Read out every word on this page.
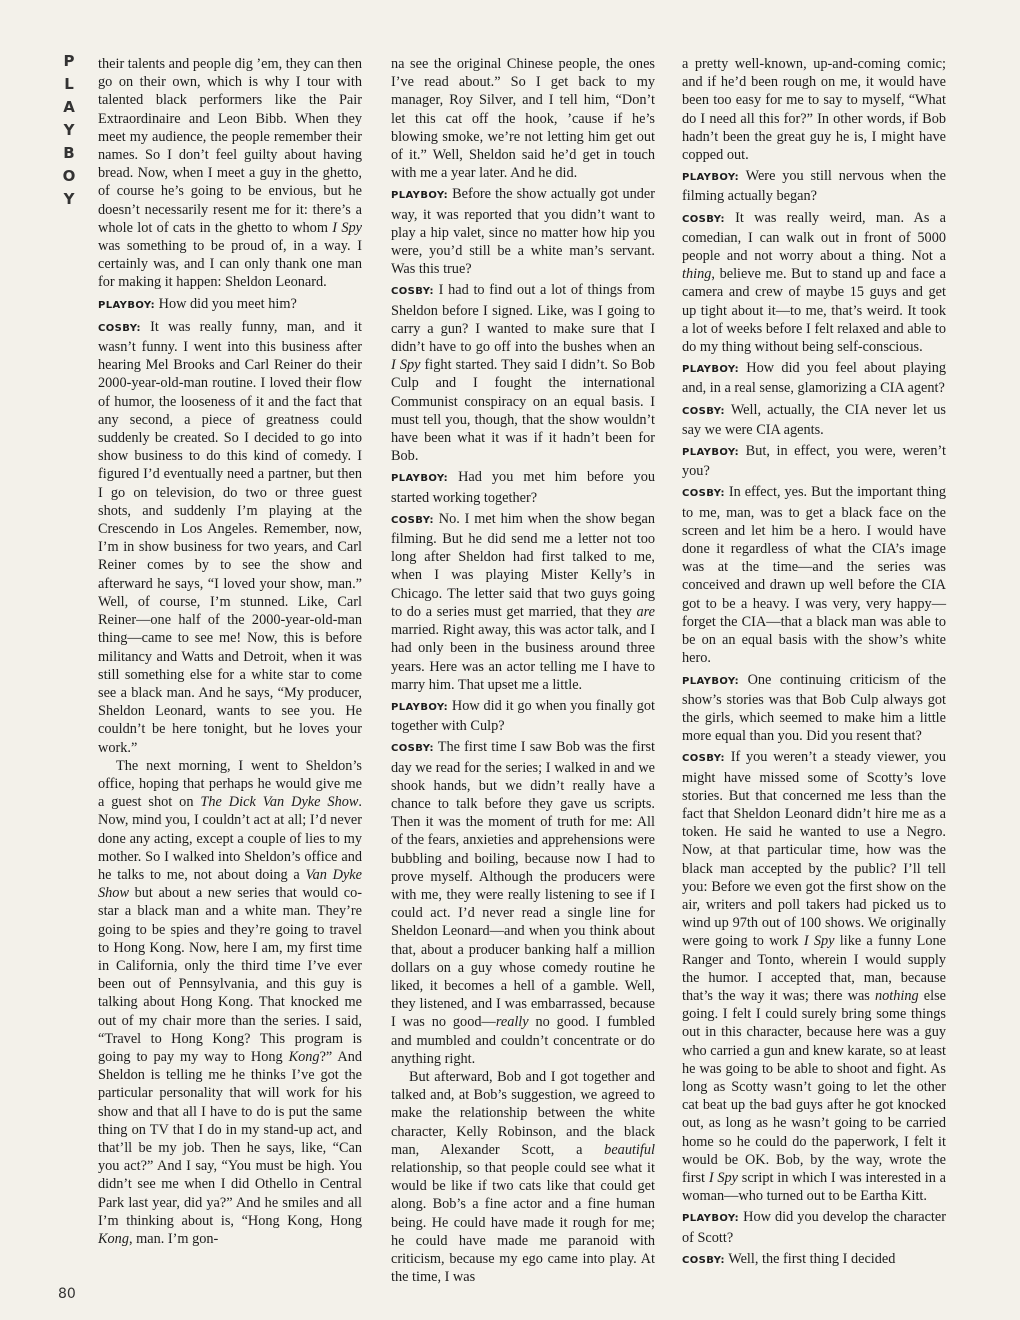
P
L
A
Y
B
O
Y

their talents and people dig ’em, they can then go on their own, which is why I tour with talented black performers like the Pair Extraordinaire and Leon Bibb. When they meet my audience, the people remember their names. So I don’t feel guilty about having bread. Now, when I meet a guy in the ghetto, of course he’s going to be envious, but he doesn’t necessarily resent me for it: there’s a whole lot of cats in the ghetto to whom I Spy was something to be proud of, in a way. I certainly was, and I can only thank one man for making it happen: Sheldon Leonard.

PLAYBOY: How did you meet him?

COSBY: It was really funny, man, and it wasn’t funny. I went into this business after hearing Mel Brooks and Carl Reiner do their 2000-year-old-man routine. I loved their flow of humor, the looseness of it and the fact that any second, a piece of greatness could suddenly be created. So I decided to go into show business to do this kind of comedy. I figured I’d eventually need a partner, but then I go on television, do two or three guest shots, and suddenly I’m playing at the Crescendo in Los Angeles. Remember, now, I’m in show business for two years, and Carl Reiner comes by to see the show and afterward he says, “I loved your show, man.” Well, of course, I’m stunned. Like, Carl Reiner—one half of the 2000-year-old-man thing—came to see me! Now, this is before militancy and Watts and Detroit, when it was still something else for a white star to come see a black man. And he says, “My producer, Sheldon Leonard, wants to see you. He couldn’t be here tonight, but he loves your work.”

The next morning, I went to Sheldon’s office, hoping that perhaps he would give me a guest shot on The Dick Van Dyke Show. Now, mind you, I couldn’t act at all; I’d never done any acting, except a couple of lies to my mother. So I walked into Sheldon’s office and he talks to me, not about doing a Van Dyke Show but about a new series that would co-star a black man and a white man. They’re going to be spies and they’re going to travel to Hong Kong. Now, here I am, my first time in California, only the third time I’ve ever been out of Pennsylvania, and this guy is talking about Hong Kong. That knocked me out of my chair more than the series. I said, “Travel to Hong Kong? This program is going to pay my way to Hong Kong?” And Sheldon is telling me he thinks I’ve got the particular personality that will work for his show and that all I have to do is put the same thing on TV that I do in my stand-up act, and that’ll be my job. Then he says, like, “Can you act?” And I say, “You must be high. You didn’t see me when I did Othello in Central Park last year, did ya?” And he smiles and all I’m thinking about is, “Hong Kong, Hong Kong, man. I’m gon-

na see the original Chinese people, the ones I’ve read about.” So I get back to my manager, Roy Silver, and I tell him, “Don’t let this cat off the hook, ’cause if he’s blowing smoke, we’re not letting him get out of it.” Well, Sheldon said he’d get in touch with me a year later. And he did.

PLAYBOY: Before the show actually got under way, it was reported that you didn’t want to play a hip valet, since no matter how hip you were, you’d still be a white man’s servant. Was this true?

COSBY: I had to find out a lot of things from Sheldon before I signed. Like, was I going to carry a gun? I wanted to make sure that I didn’t have to go off into the bushes when an I Spy fight started. They said I didn’t. So Bob Culp and I fought the international Communist conspiracy on an equal basis. I must tell you, though, that the show wouldn’t have been what it was if it hadn’t been for Bob.

PLAYBOY: Had you met him before you started working together?

COSBY: No. I met him when the show began filming. But he did send me a letter not too long after Sheldon had first talked to me, when I was playing Mister Kelly’s in Chicago. The letter said that two guys going to do a series must get married, that they are married. Right away, this was actor talk, and I had only been in the business around three years. Here was an actor telling me I have to marry him. That upset me a little.

PLAYBOY: How did it go when you finally got together with Culp?

COSBY: The first time I saw Bob was the first day we read for the series; I walked in and we shook hands, but we didn’t really have a chance to talk before they gave us scripts. Then it was the moment of truth for me: All of the fears, anxieties and apprehensions were bubbling and boiling, because now I had to prove myself. Although the producers were with me, they were really listening to see if I could act. I’d never read a single line for Sheldon Leonard—and when you think about that, about a producer banking half a million dollars on a guy whose comedy routine he liked, it becomes a hell of a gamble. Well, they listened, and I was embarrassed, because I was no good—really no good. I fumbled and mumbled and couldn’t concentrate or do anything right.

But afterward, Bob and I got together and talked and, at Bob’s suggestion, we agreed to make the relationship between the white character, Kelly Robinson, and the black man, Alexander Scott, a beautiful relationship, so that people could see what it would be like if two cats like that could get along. Bob’s a fine actor and a fine human being. He could have made it rough for me; he could have made me paranoid with criticism, because my ego came into play. At the time, I was

a pretty well-known, up-and-coming comic; and if he’d been rough on me, it would have been too easy for me to say to myself, “What do I need all this for?” In other words, if Bob hadn’t been the great guy he is, I might have copped out.

PLAYBOY: Were you still nervous when the filming actually began?

COSBY: It was really weird, man. As a comedian, I can walk out in front of 5000 people and not worry about a thing. Not a thing, believe me. But to stand up and face a camera and crew of maybe 15 guys and get up tight about it—to me, that’s weird. It took a lot of weeks before I felt relaxed and able to do my thing without being self-conscious.

PLAYBOY: How did you feel about playing and, in a real sense, glamorizing a CIA agent?

COSBY: Well, actually, the CIA never let us say we were CIA agents.

PLAYBOY: But, in effect, you were, weren’t you?

COSBY: In effect, yes. But the important thing to me, man, was to get a black face on the screen and let him be a hero. I would have done it regardless of what the CIA’s image was at the time—and the series was conceived and drawn up well before the CIA got to be a heavy. I was very, very happy—forget the CIA—that a black man was able to be on an equal basis with the show’s white hero.

PLAYBOY: One continuing criticism of the show’s stories was that Bob Culp always got the girls, which seemed to make him a little more equal than you. Did you resent that?

COSBY: If you weren’t a steady viewer, you might have missed some of Scotty’s love stories. But that concerned me less than the fact that Sheldon Leonard didn’t hire me as a token. He said he wanted to use a Negro. Now, at that particular time, how was the black man accepted by the public? I’ll tell you: Before we even got the first show on the air, writers and poll takers had picked us to wind up 97th out of 100 shows. We originally were going to work I Spy like a funny Lone Ranger and Tonto, wherein I would supply the humor. I accepted that, man, because that’s the way it was; there was nothing else going. I felt I could surely bring some things out in this character, because here was a guy who carried a gun and knew karate, so at least he was going to be able to shoot and fight. As long as Scotty wasn’t going to let the other cat beat up the bad guys after he got knocked out, as long as he wasn’t going to be carried home so he could do the paperwork, I felt it would be OK. Bob, by the way, wrote the first I Spy script in which I was interested in a woman—who turned out to be Eartha Kitt.

PLAYBOY: How did you develop the character of Scott?

COSBY: Well, the first thing I decided

80
